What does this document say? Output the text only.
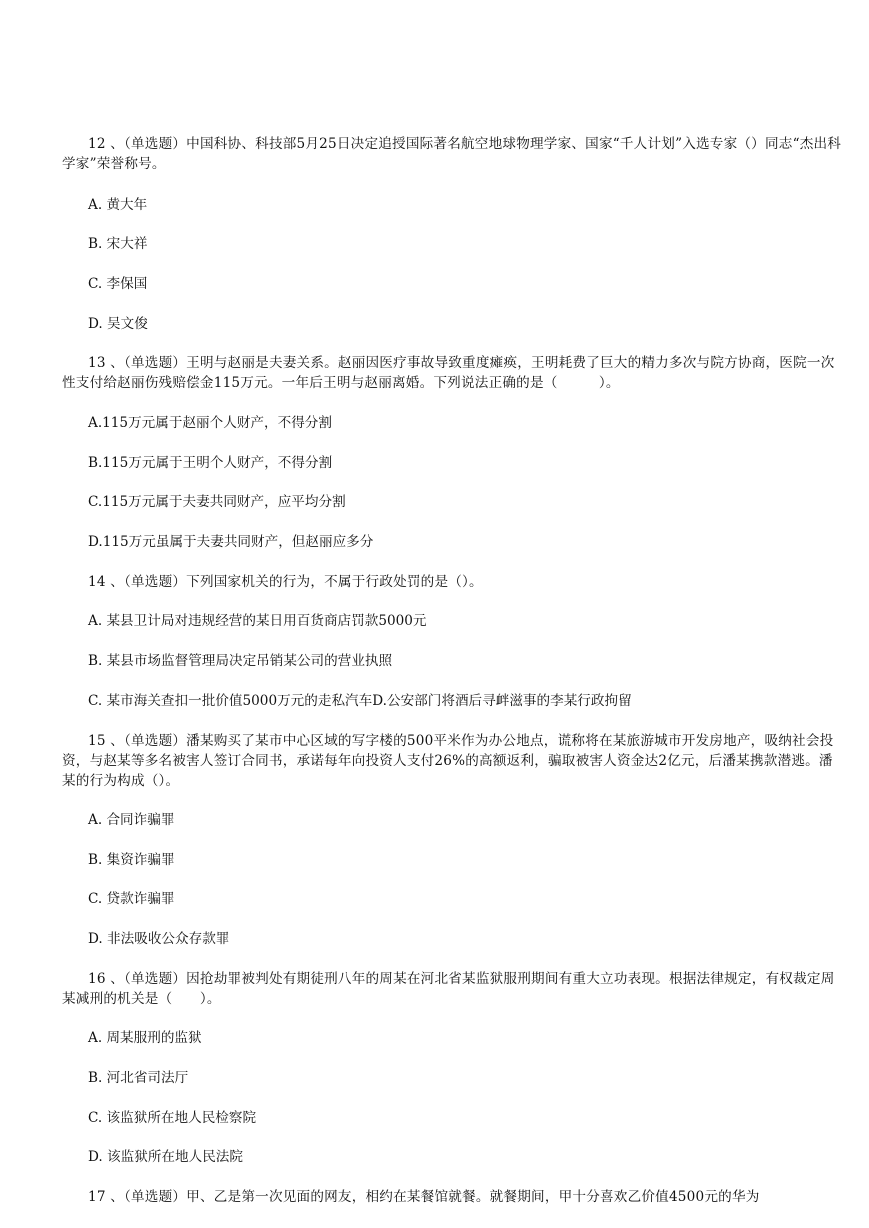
12 、（单选题）中国科协、科技部5月25日决定追授国际著名航空地球物理学家、国家“千人计划”入选专家（）同志“杰出科学家”荣誉称号。

A. 黄大年

B. 宋大祥

C. 李保国

D. 吴文俊

13 、（单选题）王明与赵丽是夫妻关系。赵丽因医疗事故导致重度瘫痪，王明耗费了巨大的精力多次与院方协商，医院一次性支付给赵丽伤残赔偿金115万元。一年后王明与赵丽离婚。下列说法正确的是（　　　）。

A.115万元属于赵丽个人财产，不得分割

B.115万元属于王明个人财产，不得分割

C.115万元属于夫妻共同财产，应平均分割

D.115万元虽属于夫妻共同财产，但赵丽应多分

14 、（单选题）下列国家机关的行为，不属于行政处罚的是（）。

A. 某县卫计局对违规经营的某日用百货商店罚款5000元

B. 某县市场监督管理局决定吊销某公司的营业执照

C. 某市海关查扣一批价值5000万元的走私汽车D.公安部门将酒后寻衅滋事的李某行政拘留

15 、（单选题）潘某购买了某市中心区域的写字楼的500平米作为办公地点，谎称将在某旅游城市开发房地产，吸纳社会投资，与赵某等多名被害人签订合同书，承诺每年向投资人支付26%的高额返利，骗取被害人资金达2亿元，后潘某携款潜逃。潘某的行为构成（）。

A. 合同诈骗罪

B. 集资诈骗罪

C. 贷款诈骗罪

D. 非法吸收公众存款罪

16 、（单选题）因抢劫罪被判处有期徒刑八年的周某在河北省某监狱服刑期间有重大立功表现。根据法律规定，有权裁定周某减刑的机关是（　　）。

A. 周某服刑的监狱

B. 河北省司法厅

C. 该监狱所在地人民检察院

D. 该监狱所在地人民法院

17 、（单选题）甲、乙是第一次见面的网友，相约在某餐馆就餐。就餐期间，甲十分喜欢乙价值4500元的华为
